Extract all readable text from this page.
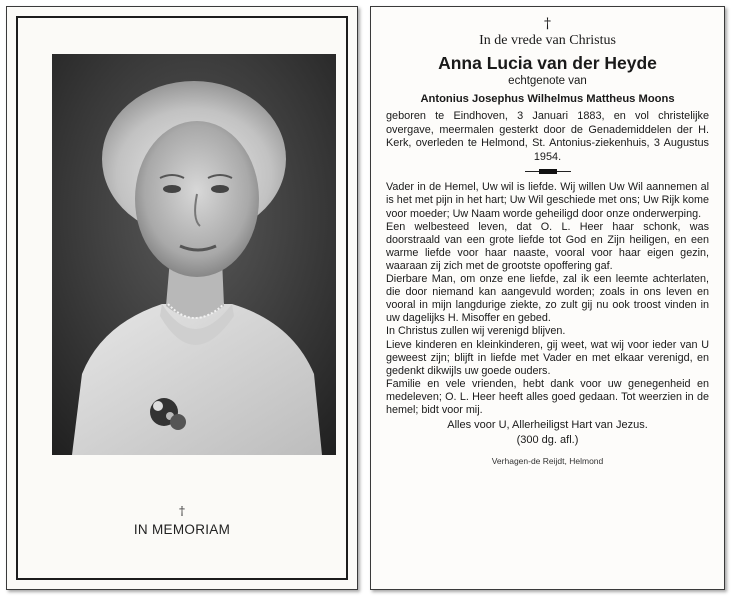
†
IN MEMORIAM
†
In de vrede van Christus
Anna Lucia van der Heyde
echtgenote van
Antonius Josephus Wilhelmus Mattheus Moons
geboren te Eindhoven, 3 Januari 1883, en vol christelijke overgave, meermalen gesterkt door de Genademiddelen der H. Kerk, overleden te Helmond, St. Antonius-ziekenhuis, 3 Augustus 1954.

Vader in de Hemel, Uw wil is liefde. Wij willen Uw Wil aannemen al is het met pijn in het hart; Uw Wil geschiede met ons; Uw Rijk kome voor moeder; Uw Naam worde geheiligd door onze onderwerping.

Een welbesteed leven, dat O. L. Heer haar schonk, was doorstraald van een grote liefde tot God en Zijn heiligen, en een warme liefde voor haar naaste, vooral voor haar eigen gezin, waaraan zij zich met de grootste opoffering gaf.

Dierbare Man, om onze ene liefde, zal ik een leemte achterlaten, die door niemand kan aangevuld worden; zoals in ons leven en vooral in mijn langdurige ziekte, zo zult gij nu ook troost vinden in uw dagelijks H. Misoffer en gebed.

In Christus zullen wij verenigd blijven.

Lieve kinderen en kleinkinderen, gij weet, wat wij voor ieder van U geweest zijn; blijft in liefde met Vader en met elkaar verenigd, en gedenkt dikwijls uw goede ouders.

Familie en vele vrienden, hebt dank voor uw genegenheid en medeleven; O. L. Heer heeft alles goed gedaan. Tot weerzien in de hemel; bidt voor mij.

Alles voor U, Allerheiligst Hart van Jezus.
(300 dg. afl.)
Verhagen-de Reijdt, Helmond
